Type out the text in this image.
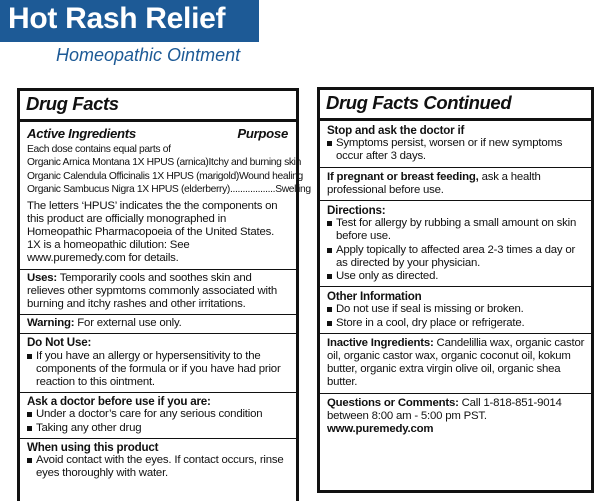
Hot Rash Relief
Homeopathic Ointment
Drug Facts
Active Ingredients	Purpose
Each dose contains equal parts of
Organic Arnica Montana 1X HPUS (arnica) Itchy and burning skin
Organic Calendula Officinalis 1X HPUS (marigold) Wound healing
Organic Sambucus Nigra 1X HPUS (elderberry) .................. Swelling
The letters ‘HPUS’ indicates the the components on this product are officially monographed in Homeopathic Pharmacopoeia of the United States. 1X is a homeopathic dilution: See www.puremedy.com for details.
Uses: Temporarily cools and soothes skin and relieves other sypmtoms commonly associated with burning and itchy rashes and other irritations.
Warning: For external use only.
Do Not Use:
If you have an allergy or hypersensitivity to the components of the formula or if you have had prior reaction to this ointment.
Ask a doctor before use if you are:
Under a doctor’s care for any serious condition
Taking any other drug
When using this product
Avoid contact with the eyes. If contact occurs, rinse eyes thoroughly with water.
Drug Facts Continued
Stop and ask the doctor if
Symptoms persist, worsen or if new symptoms occur after 3 days.
If pregnant or breast feeding, ask a health professional before use.
Directions:
Test for allergy by rubbing a small amount on skin before use.
Apply topically to affected area 2-3 times a day or as directed by your physician.
Use only as directed.
Other Information
Do not use if seal is missing or broken.
Store in a cool, dry place or refrigerate.
Inactive Ingredients: Candelillia wax, organic castor oil, organic castor wax, organic coconut oil, kokum butter, organic extra virgin olive oil, organic shea butter.
Questions or Comments: Call 1-818-851-9014 between 8:00 am - 5:00 pm PST. www.puremedy.com
